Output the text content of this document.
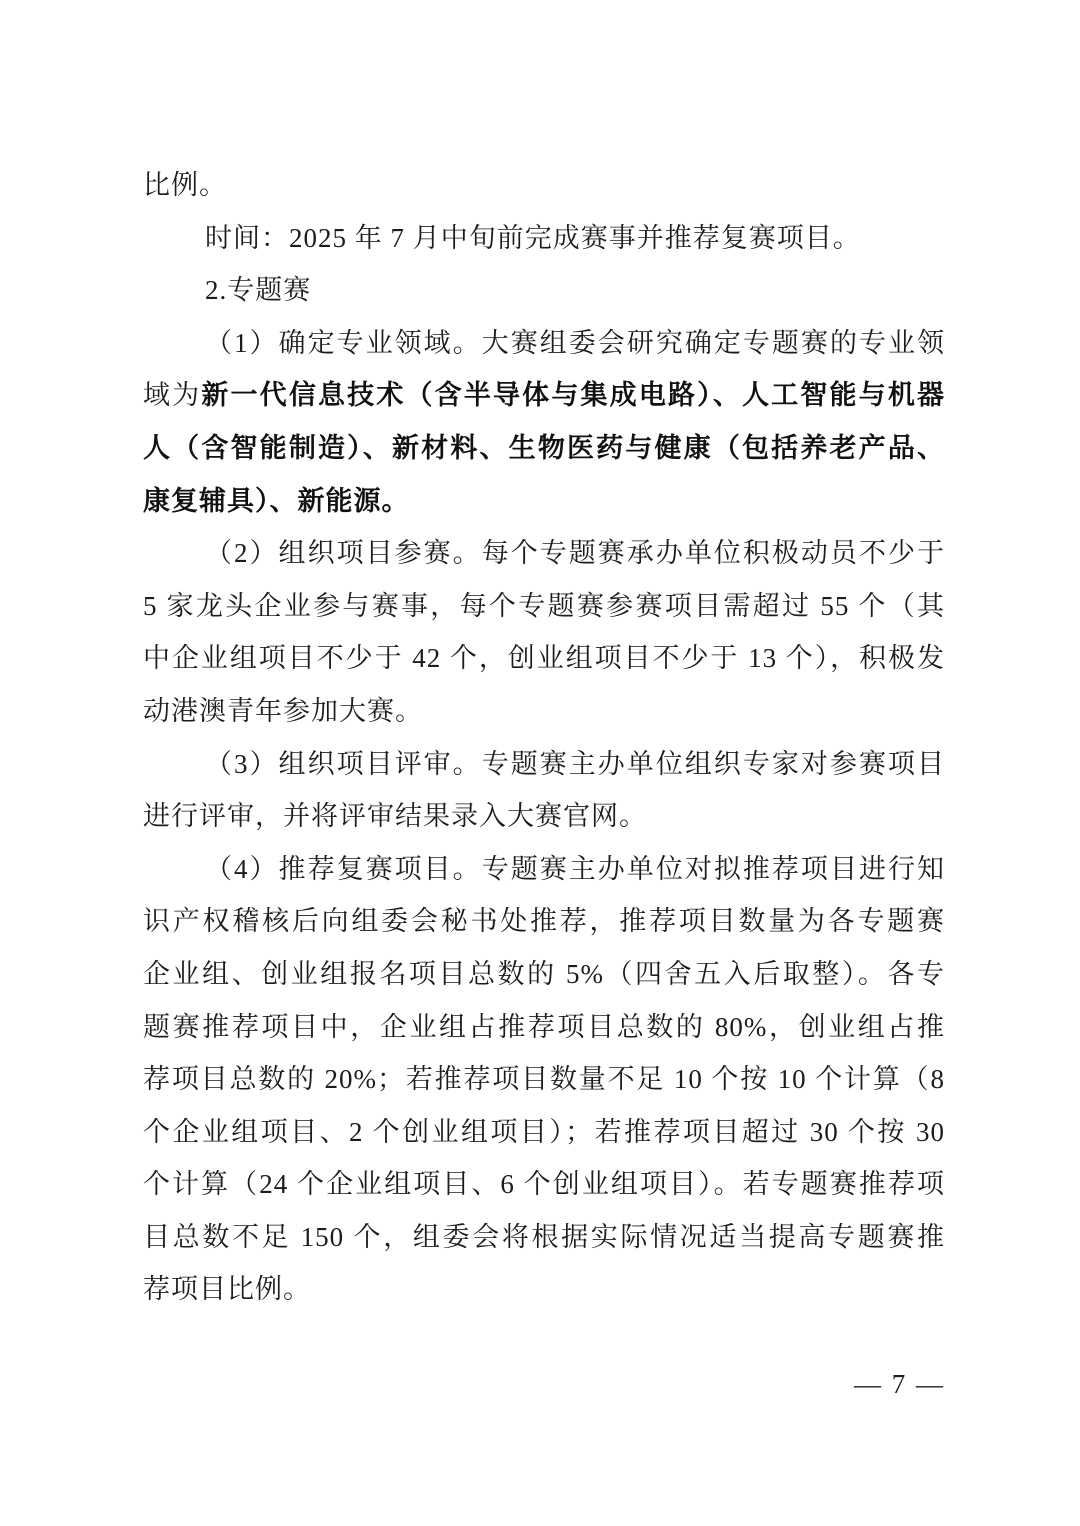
比例。
时间：2025 年 7 月中旬前完成赛事并推荐复赛项目。
2.专题赛
（1）确定专业领域。大赛组委会研究确定专题赛的专业领
域为新一代信息技术（含半导体与集成电路）、人工智能与机器
人（含智能制造）、新材料、生物医药与健康（包括养老产品、
康复辅具）、新能源。
（2）组织项目参赛。每个专题赛承办单位积极动员不少于
5 家龙头企业参与赛事，每个专题赛参赛项目需超过 55 个（其
中企业组项目不少于 42 个，创业组项目不少于 13 个），积极发
动港澳青年参加大赛。
（3）组织项目评审。专题赛主办单位组织专家对参赛项目
进行评审，并将评审结果录入大赛官网。
（4）推荐复赛项目。专题赛主办单位对拟推荐项目进行知
识产权稽核后向组委会秘书处推荐，推荐项目数量为各专题赛
企业组、创业组报名项目总数的 5%（四舍五入后取整）。各专
题赛推荐项目中，企业组占推荐项目总数的 80%，创业组占推
荐项目总数的 20%；若推荐项目数量不足 10 个按 10 个计算（8
个企业组项目、2 个创业组项目）；若推荐项目超过 30 个按 30
个计算（24 个企业组项目、6 个创业组项目）。若专题赛推荐项
目总数不足 150 个，组委会将根据实际情况适当提高专题赛推
荐项目比例。
— 7 —
